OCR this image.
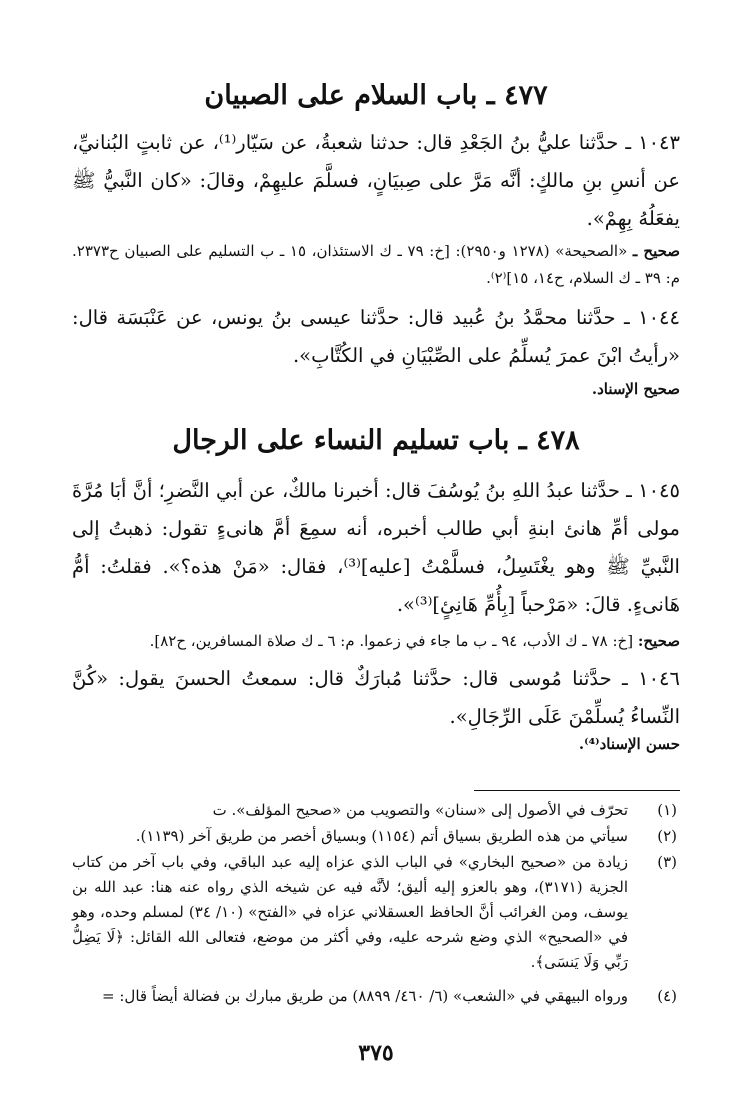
٤٧٧ ـ باب السلام على الصبيان
١٠٤٣ ـ حدَّثنا عليُّ بنُ الجَعْدِ قال: حدثنا شعبةُ، عن سَيّار⁽¹⁾، عن ثابتٍ البُنانيِّ، عن أنسِ بنِ مالكٍ: أنَّه مَرَّ على صِبيَانٍ، فسلَّمَ عليهِمْ، وقالَ: «كان النَّبيُّ ﷺ يفعَلُهُ بِهِمْ».
صحيح ـ «الصحيحة» (١٢٧٨ و٢٩٥٠): [خ: ٧٩ ـ ك الاستئذان، ١٥ ـ ب التسليم على الصبيان ح٢٣٧٣. م: ٣٩ ـ ك السلام، ح١٤، ١٥]⁽٢⁾.
١٠٤٤ ـ حدَّثنا محمَّدُ بنُ عُبيد قال: حدَّثنا عيسى بنُ يونس، عن عَنْبَسَة قال: «رأيتُ ابْنَ عمرَ يُسلِّمُ على الصِّبْيَانِ في الكُتَّابِ».
صحيح الإسناد.
٤٧٨ ـ باب تسليم النساء على الرجال
١٠٤٥ ـ حدَّثنا عبدُ اللهِ بنُ يُوسُفَ قال: أخبرنا مالكٌ، عن أبي النَّضرِ؛ أنَّ أبَا مُرَّةَ مولى أمِّ هانئ ابنةِ أبي طالب أخبره، أنه سمِعَ أمَّ هانىءٍ تقول: ذهبتُ إلى النَّبيِّ ﷺ وهو يغْتَسِلُ، فسلَّمْتُ [عليه]⁽³⁾، فقال: «مَنْ هذه؟». فقلتُ: أمُّ هَانىءٍ. قالَ: «مَرْحباً [بِأُمِّ هَانِئٍ]⁽³⁾».
صحيح: [خ: ٧٨ ـ ك الأدب، ٩٤ ـ ب ما جاء في زعموا. م: ٦ ـ ك صلاة المسافرين، ح٨٢].
١٠٤٦ ـ حدَّثنا مُوسى قال: حدَّثنا مُبارَكٌ قال: سمعتُ الحسنَ يقول: «كُنَّ النِّساءُ يُسلِّمْنَ عَلَى الرِّجَالِ».
حسن الإسناد⁽⁴⁾.
(١)
تحرّف في الأصول إلى «سنان» والتصويب من «صحيح المؤلف». ت
(٢)
سيأتي من هذه الطريق بسياق أتم (١١٥٤) وبسياق أخصر من طريق آخر (١١٣٩).
(٣)
زيادة من «صحيح البخاري» في الباب الذي عزاه إليه عبد الباقي، وفي باب آخر من كتاب الجزية (٣١٧١)، وهو بالعزو إليه أليق؛ لأنَّه فيه عن شيخه الذي رواه عنه هنا: عبد الله بن يوسف، ومن الغرائب أنَّ الحافظ العسقلاني عزاه في «الفتح» (١٠/ ٣٤) لمسلم وحده، وهو في «الصحيح» الذي وضع شرحه عليه، وفي أكثر من موضع، فتعالى الله القائل: ﴿لَا يَضِلُّ رَبِّي وَلَا يَنسَى﴾.
(٤)
ورواه البيهقي في «الشعب» (٦/ ٤٦٠/ ٨٨٩٩) من طريق مبارك بن فضالة أيضاً قال: =
٣٧٥
